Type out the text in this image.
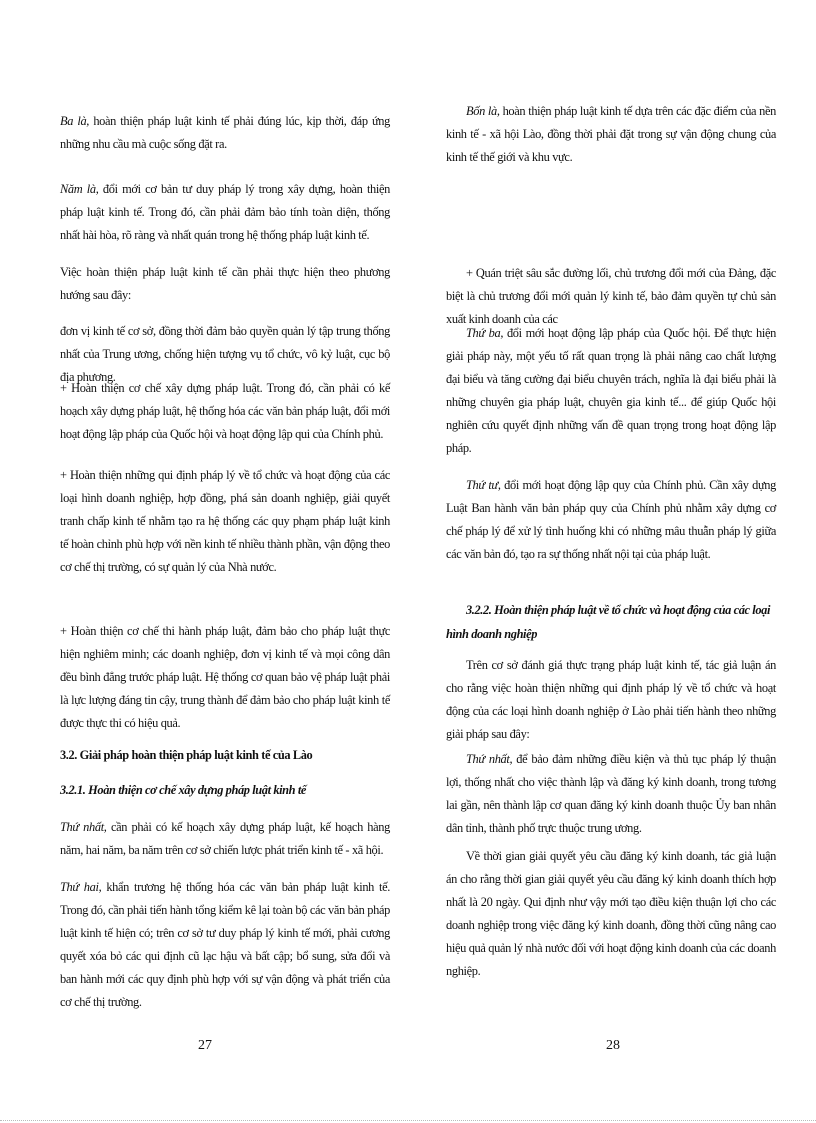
Ba là, hoàn thiện pháp luật kinh tế phải đúng lúc, kịp thời, đáp ứng những nhu cầu mà cuộc sống đặt ra.

Năm là, đổi mới cơ bản tư duy pháp lý trong xây dựng, hoàn thiện pháp luật kinh tế. Trong đó, cần phải đảm bảo tính toàn diện, thống nhất hài hòa, rõ ràng và nhất quán trong hệ thống pháp luật kinh tế.

Việc hoàn thiện pháp luật kinh tế cần phải thực hiện theo phương hướng sau đây:

đơn vị kinh tế cơ sở, đồng thời đảm bảo quyền quản lý tập trung thống nhất của Trung ương, chống hiện tượng vụ tổ chức, vô kỷ luật, cục bộ địa phương.

+ Hoàn thiện cơ chế xây dựng pháp luật. Trong đó, cần phải có kế hoạch xây dựng pháp luật, hệ thống hóa các văn bản pháp luật, đổi mới hoạt động lập pháp của Quốc hội và hoạt động lập qui của Chính phủ.

+ Hoàn thiện những qui định pháp lý về tổ chức và hoạt động của các loại hình doanh nghiệp, hợp đồng, phá sản doanh nghiệp, giải quyết tranh chấp kinh tế nhằm tạo ra hệ thống các quy phạm pháp luật kinh tế hoàn chỉnh phù hợp với nền kinh tế nhiều thành phần, vận động theo cơ chế thị trường, có sự quản lý của Nhà nước.

+ Hoàn thiện cơ chế thi hành pháp luật, đảm bảo cho pháp luật thực hiện nghiêm minh; các doanh nghiệp, đơn vị kinh tế và mọi công dân đều bình đẳng trước pháp luật. Hệ thống cơ quan bảo vệ pháp luật phải là lực lượng đáng tin cậy, trung thành để đảm bảo cho pháp luật kinh tế được thực thi có hiệu quả.

3.2. Giải pháp hoàn thiện pháp luật kinh tế của Lào

3.2.1. Hoàn thiện cơ chế xây dựng pháp luật kinh tế

Thứ nhất, cần phải có kế hoạch xây dựng pháp luật, kế hoạch hàng năm, hai năm, ba năm trên cơ sở chiến lược phát triển kinh tế - xã hội.

Thứ hai, khẩn trương hệ thống hóa các văn bản pháp luật kinh tế. Trong đó, cần phải tiến hành tổng kiểm kê lại toàn bộ các văn bản pháp luật kinh tế hiện có; trên cơ sở tư duy pháp lý kinh tế mới, phải cương quyết xóa bỏ các qui định cũ lạc hậu và bất cập; bổ sung, sửa đổi và ban hành mới các quy định phù hợp với sự vận động và phát triển của cơ chế thị trường.

27

Bốn là, hoàn thiện pháp luật kinh tế dựa trên các đặc điểm của nền kinh tế - xã hội Lào, đồng thời phải đặt trong sự vận động chung của kinh tế thế giới và khu vực.

+ Quán triệt sâu sắc đường lối, chủ trương đổi mới của Đảng, đặc biệt là chủ trương đổi mới quản lý kinh tế, bảo đảm quyền tự chủ sản xuất kinh doanh của các

Thứ ba, đổi mới hoạt động lập pháp của Quốc hội. Để thực hiện giải pháp này, một yếu tố rất quan trọng là phải nâng cao chất lượng đại biểu và tăng cường đại biểu chuyên trách, nghĩa là đại biểu phải là những chuyên gia pháp luật, chuyên gia kinh tế... để giúp Quốc hội nghiên cứu quyết định những vấn đề quan trọng trong hoạt động lập pháp.

Thứ tư, đổi mới hoạt động lập quy của Chính phủ. Cần xây dựng Luật Ban hành văn bản pháp quy của Chính phủ nhằm xây dựng cơ chế pháp lý để xử lý tình huống khi có những mâu thuẫn pháp lý giữa các văn bản đó, tạo ra sự thống nhất nội tại của pháp luật.

3.2.2. Hoàn thiện pháp luật về tổ chức và hoạt động của các loại hình doanh nghiệp

Trên cơ sở đánh giá thực trạng pháp luật kinh tế, tác giả luận án cho rằng việc hoàn thiện những qui định pháp lý về tổ chức và hoạt động của các loại hình doanh nghiệp ở Lào phải tiến hành theo những giải pháp sau đây:

Thứ nhất, để bảo đảm những điều kiện và thủ tục pháp lý thuận lợi, thống nhất cho việc thành lập và đăng ký kinh doanh, trong tương lai gần, nên thành lập cơ quan đăng ký kinh doanh thuộc Ủy ban nhân dân tỉnh, thành phố trực thuộc trung ương.

Về thời gian giải quyết yêu cầu đăng ký kinh doanh, tác giả luận án cho rằng thời gian giải quyết yêu cầu đăng ký kinh doanh thích hợp nhất là 20 ngày. Qui định như vậy mới tạo điều kiện thuận lợi cho các doanh nghiệp trong việc đăng ký kinh doanh, đồng thời cũng nâng cao hiệu quả quản lý nhà nước đối với hoạt động kinh doanh của các doanh nghiệp.

28
